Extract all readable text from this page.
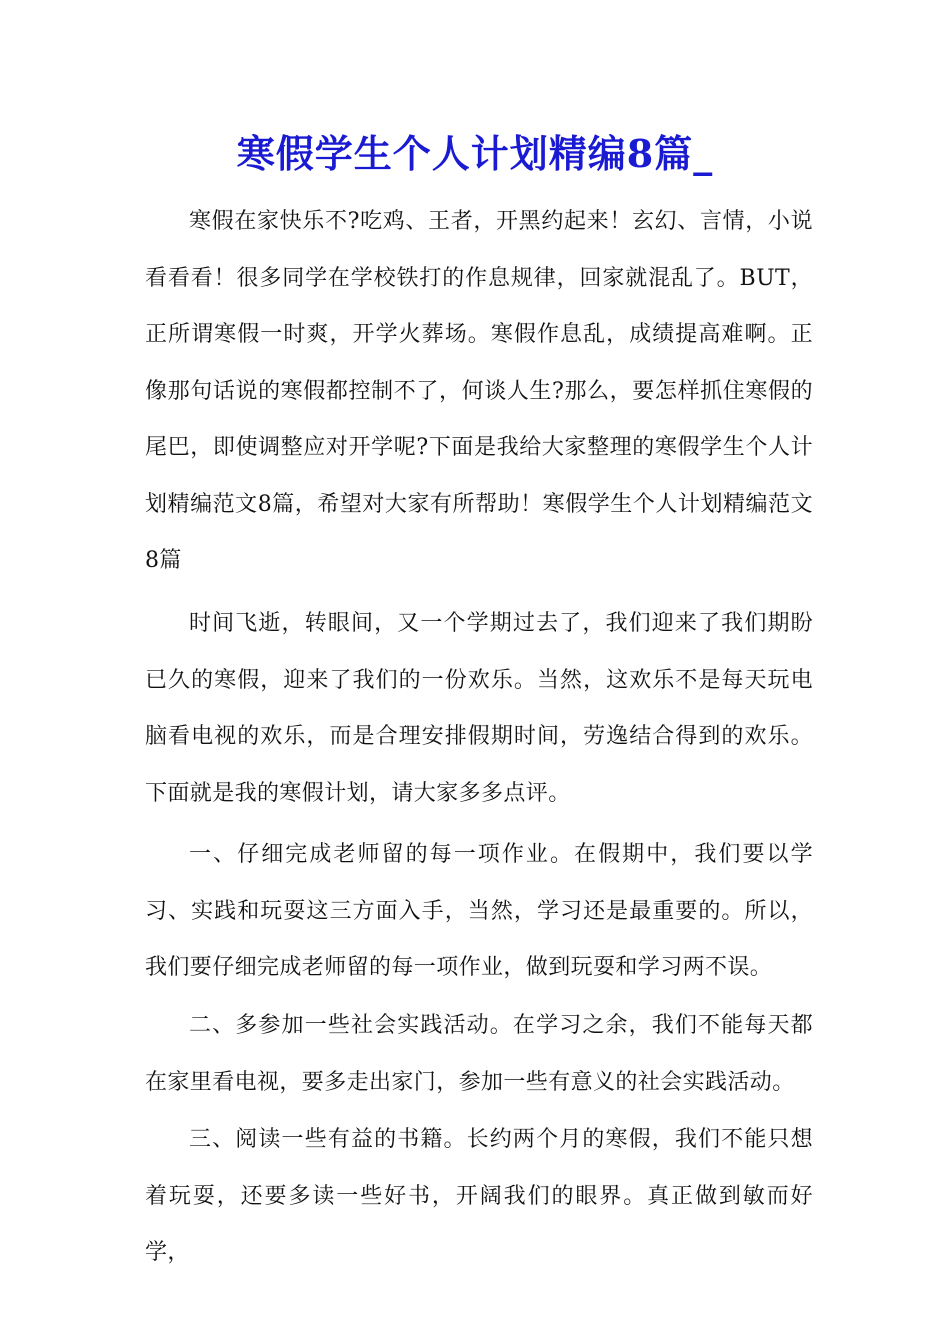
寒假学生个人计划精编8篇_

寒假在家快乐不?吃鸡、王者，开黑约起来！玄幻、言情，小说看看看！很多同学在学校铁打的作息规律，回家就混乱了。BUT，正所谓寒假一时爽，开学火葬场。寒假作息乱，成绩提高难啊。正像那句话说的寒假都控制不了，何谈人生?那么，要怎样抓住寒假的尾巴，即使调整应对开学呢?下面是我给大家整理的寒假学生个人计划精编范文8篇，希望对大家有所帮助！寒假学生个人计划精编范文8篇

时间飞逝，转眼间，又一个学期过去了，我们迎来了我们期盼已久的寒假，迎来了我们的一份欢乐。当然，这欢乐不是每天玩电脑看电视的欢乐，而是合理安排假期时间，劳逸结合得到的欢乐。下面就是我的寒假计划，请大家多多点评。

一、仔细完成老师留的每一项作业。在假期中，我们要以学习、实践和玩耍这三方面入手，当然，学习还是最重要的。所以，我们要仔细完成老师留的每一项作业，做到玩耍和学习两不误。

二、多参加一些社会实践活动。在学习之余，我们不能每天都在家里看电视，要多走出家门，参加一些有意义的社会实践活动。

三、阅读一些有益的书籍。长约两个月的寒假，我们不能只想着玩耍，还要多读一些好书，开阔我们的眼界。真正做到敏而好学，
